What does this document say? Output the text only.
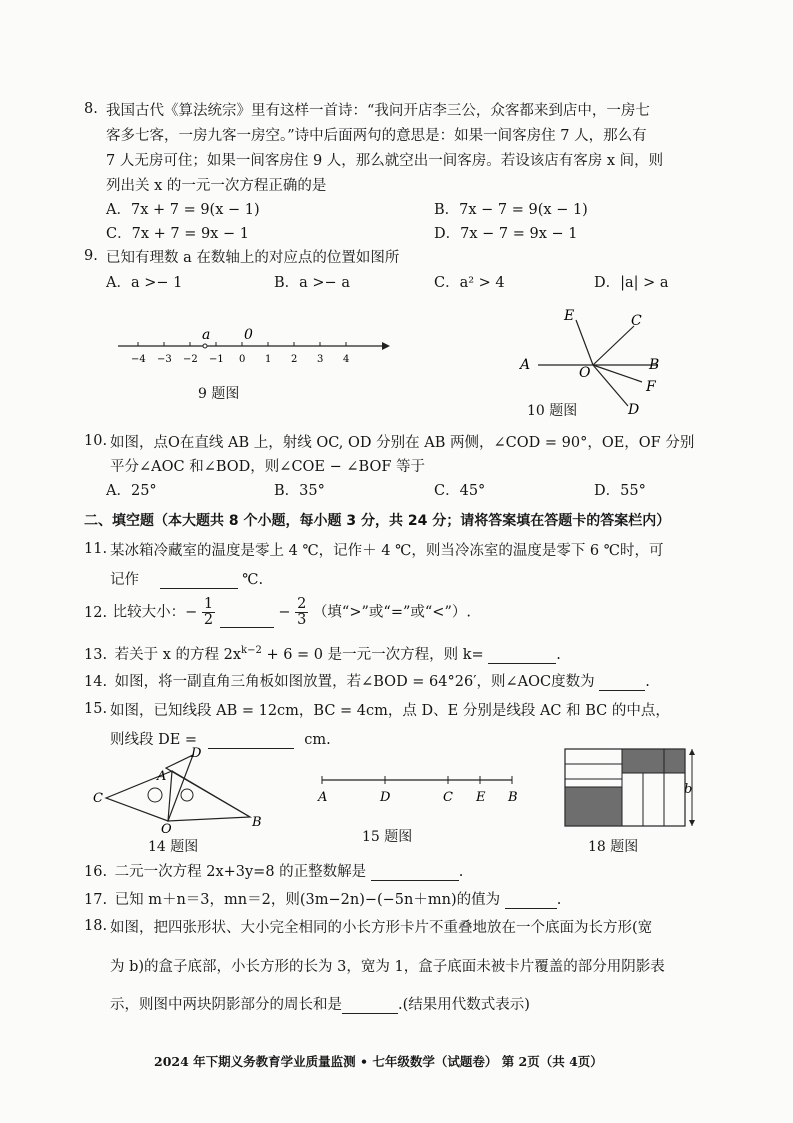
8. 我国古代《算法统宗》里有这样一首诗：“我问开店李三公，众客都来到店中，一房七
客多七客，一房九客一房空。”诗中后面两句的意思是：如果一间客房住 7 人，那么有
7 人无房可住；如果一间客房住 9 人，那么就空出一间客房。若设该店有客房 x 间，则
列出关 x 的一元一次方程正确的是
A．7x + 7 = 9(x − 1)	B．7x − 7 = 9(x − 1)
C．7x + 7 = 9x − 1	D．7x − 7 = 9x − 1
9. 已知有理数 a 在数轴上的对应点的位置如图所
A．a >− 1	B．a >− a	C．a² > 4	D．|a| > a
−4 −3 −2 −1 0 1 2 3 4
a 0
9 题图
E	C
A	O	B
F
D
10 题图
10. 如图，点O在直线 AB 上，射线 OC, OD 分别在 AB 两侧，∠COD = 90°，OE，OF 分别
平分∠AOC 和∠BOD，则∠COE − ∠BOF 等于
A．25°	B．35°	C．45°	D．55°
二、填空题（本大题共 8 个小题，每小题 3 分，共 24 分；请将答案填在答题卡的答案栏内）
11. 某冰箱冷藏室的温度是零上 4 ℃，记作＋ 4 ℃，则当冷冻室的温度是零下 6 ℃时，可
记作	℃.
12. 比较大小：− $\frac{1}{2}$	− $\frac{2}{3}$ （填“>”或“=”或“<”）.
13. 若关于 x 的方程 $2x^{k-2} + 6 = 0$ 是一元一次方程，则 k=	.
14. 如图，将一副直角三角板如图放置，若∠BOD = 64°26′，则∠AOC度数为	.
15. 如图，已知线段 AB = 12cm，BC = 4cm，点 D、E 分别是线段 AC 和 BC 的中点，
则线段 DE =	cm.
D
A
C
O	B
14 题图
A	D	C E B
15 题图
b
18 题图
16. 二元一次方程 2x+3y=8 的正整数解是	.
17. 已知 m＋n＝3，mn＝2，则(3m−2n)−(−5n＋mn)的值为	.
18. 如图，把四张形状、大小完全相同的小长方形卡片不重叠地放在一个底面为长方形(宽
为 b)的盒子底部，小长方形的长为 3，宽为 1，盒子底面未被卡片覆盖的部分用阴影表
示，则图中两块阴影部分的周长和是	.(结果用代数式表示)
2024 年下期义务教育学业质量监测 • 七年级数学（试题卷） 第 2页（共 4页）
